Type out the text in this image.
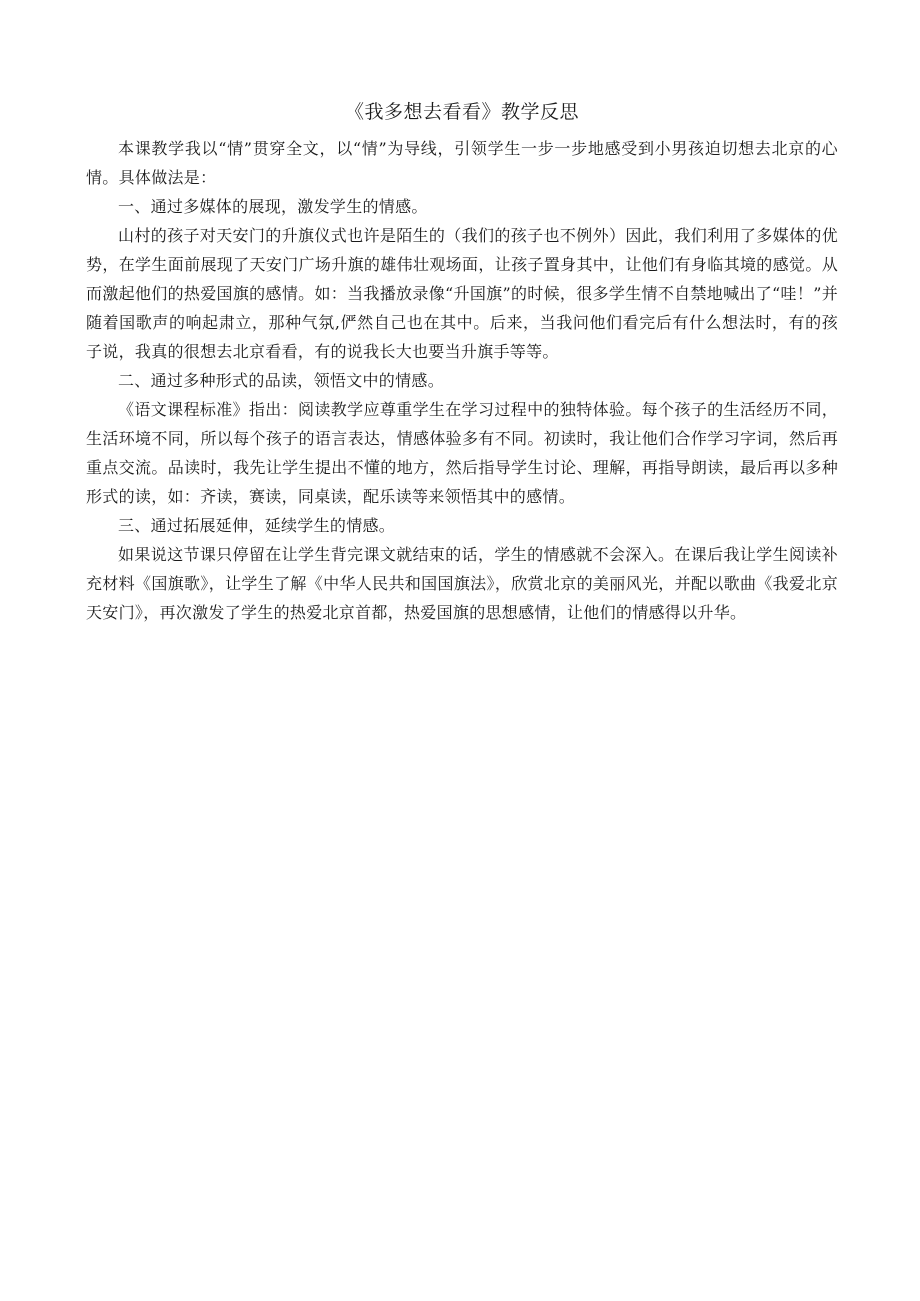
《我多想去看看》教学反思

本课教学我以“情”贯穿全文，以“情”为导线，引领学生一步一步地感受到小男孩迫切想去北京的心情。具体做法是：

一、通过多媒体的展现，激发学生的情感。

山村的孩子对天安门的升旗仪式也许是陌生的（我们的孩子也不例外）因此，我们利用了多媒体的优势，在学生面前展现了天安门广场升旗的雄伟壮观场面，让孩子置身其中，让他们有身临其境的感觉。从而激起他们的热爱国旗的感情。如：当我播放录像“升国旗”的时候，很多学生情不自禁地喊出了“哇！”并随着国歌声的响起肃立，那种气氛,俨然自己也在其中。后来，当我问他们看完后有什么想法时，有的孩子说，我真的很想去北京看看，有的说我长大也要当升旗手等等。

二、通过多种形式的品读，领悟文中的情感。

《语文课程标准》指出：阅读教学应尊重学生在学习过程中的独特体验。每个孩子的生活经历不同，生活环境不同，所以每个孩子的语言表达，情感体验多有不同。初读时，我让他们合作学习字词，然后再重点交流。品读时，我先让学生提出不懂的地方，然后指导学生讨论、理解，再指导朗读，最后再以多种形式的读，如：齐读，赛读，同桌读，配乐读等来领悟其中的感情。

三、通过拓展延伸，延续学生的情感。

如果说这节课只停留在让学生背完课文就结束的话，学生的情感就不会深入。在课后我让学生阅读补充材料《国旗歌》，让学生了解《中华人民共和国国旗法》，欣赏北京的美丽风光，并配以歌曲《我爱北京天安门》，再次激发了学生的热爱北京首都，热爱国旗的思想感情，让他们的情感得以升华。
